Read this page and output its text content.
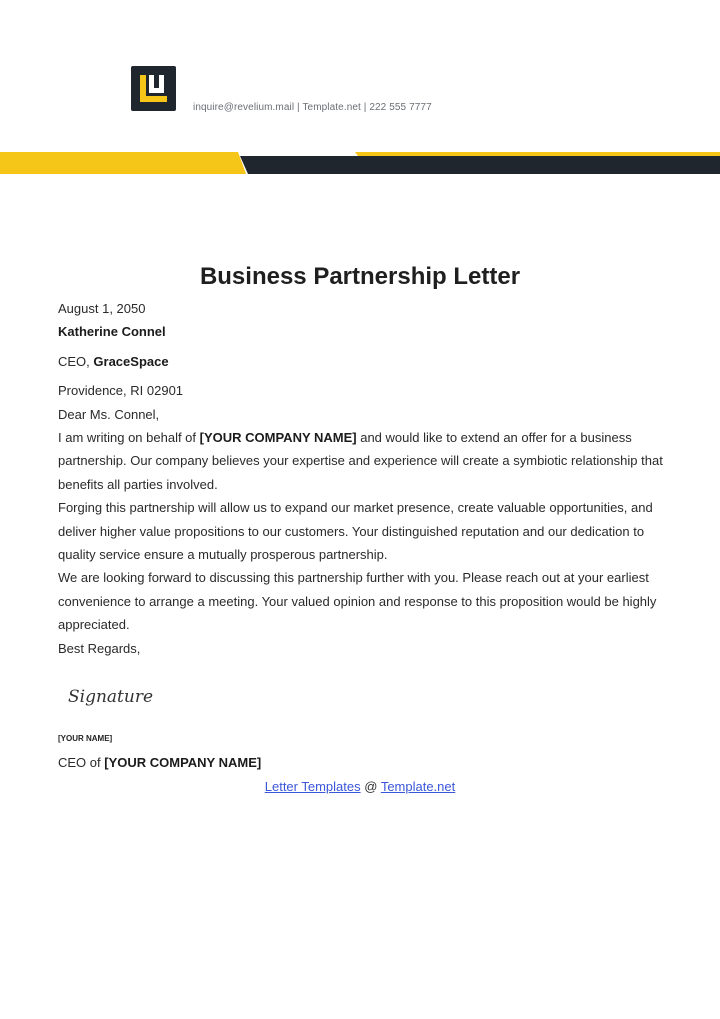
inquire@revelium.mail | Template.net | 222 555 7777
Business Partnership Letter

August 1, 2050

Katherine Connel

CEO, GraceSpace

Providence, RI 02901

Dear Ms. Connel,

I am writing on behalf of [YOUR COMPANY NAME] and would like to extend an offer for a business partnership. Our company believes your expertise and experience will create a symbiotic relationship that benefits all parties involved.

Forging this partnership will allow us to expand our market presence, create valuable opportunities, and deliver higher value propositions to our customers. Your distinguished reputation and our dedication to quality service ensure a mutually prosperous partnership.

We are looking forward to discussing this partnership further with you. Please reach out at your earliest convenience to arrange a meeting. Your valued opinion and response to this proposition would be highly appreciated.

Best Regards,

Signature
[YOUR NAME]
CEO of [YOUR COMPANY NAME]
Letter Templates @ Template.net
